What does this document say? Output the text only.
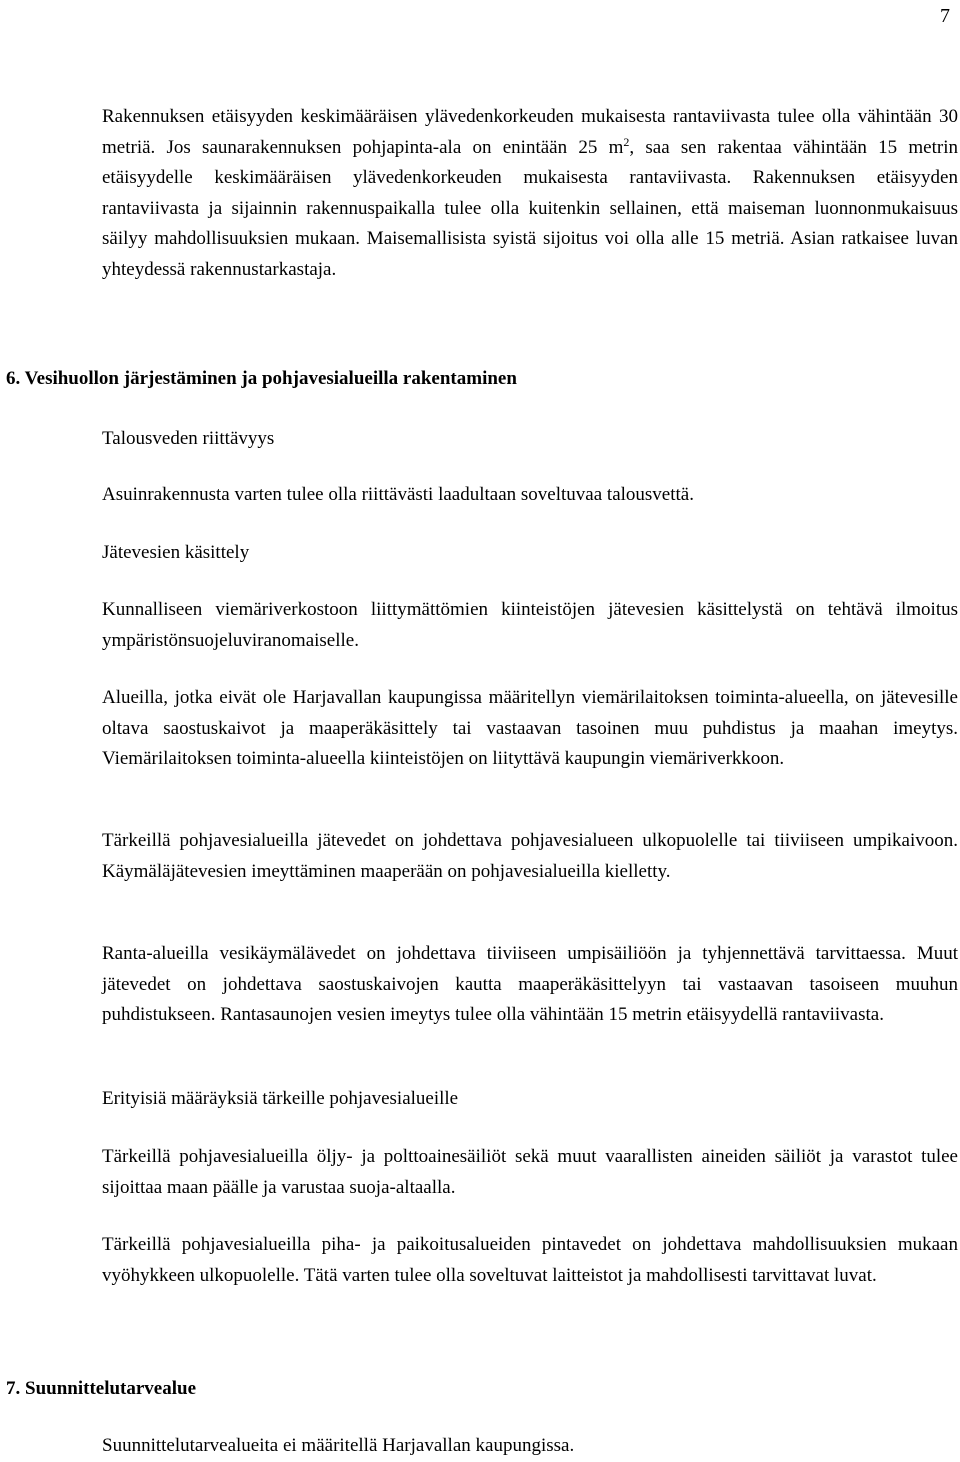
7

Rakennuksen etäisyyden keskimääräisen ylävedenkorkeuden mukaisesta rantaviivasta tulee olla vähintään 30 metriä. Jos saunarakennuksen pohjapinta-ala on enintään 25 $m^2$, saa sen rakentaa vähintään 15 metrin etäisyydelle keskimääräisen ylävedenkorkeuden mukaisesta rantaviivasta. Rakennuksen etäisyyden rantaviivasta ja sijainnin rakennuspaikalla tulee olla kuitenkin sellainen, että maiseman luonnonmukaisuus säilyy mahdollisuuksien mukaan. Maisemallisista syistä sijoitus voi olla alle 15 metriä. Asian ratkaisee luvan yhteydessä rakennustarkastaja.

6. Vesihuollon järjestäminen ja pohjavesialueilla rakentaminen

Talousveden riittävyys

Asuinrakennusta varten tulee olla riittävästi laadultaan soveltuvaa talousvettä.

Jätevesien käsittely

Kunnalliseen viemäriverkostoon liittymättömien kiinteistöjen jätevesien käsittelystä on tehtävä ilmoitus ympäristönsuojeluviranomaiselle.

Alueilla, jotka eivät ole Harjavallan kaupungissa määritellyn viemärilaitoksen toiminta-alueella, on jätevesille oltava saostuskaivot ja maaperäkäsittely tai vastaavan tasoinen muu puhdistus ja maahan imeytys. Viemärilaitoksen toiminta-alueella kiinteistöjen on liityttävä kaupungin viemäriverkkoon.

Tärkeillä pohjavesialueilla jätevedet on johdettava pohjavesialueen ulkopuolelle tai tiiviiseen umpikaivoon. Käymäläjätevesien imeyttäminen maaperään on pohjavesialueilla kielletty.

Ranta-alueilla vesikäymälävedet on johdettava tiiviiseen umpisäiliöön ja tyhjennettävä tarvittaessa. Muut jätevedet on johdettava saostuskaivojen kautta maaperäkäsittelyyn tai vastaavan tasoiseen muuhun puhdistukseen. Rantasaunojen vesien imeytys tulee olla vähintään 15 metrin etäisyydellä rantaviivasta.

Erityisiä määräyksiä tärkeille pohjavesialueille

Tärkeillä pohjavesialueilla öljy- ja polttoainesäiliöt sekä muut vaarallisten aineiden säiliöt ja varastot tulee sijoittaa maan päälle ja varustaa suoja-altaalla.

Tärkeillä pohjavesialueilla piha- ja paikoitusalueiden pintavedet on johdettava mahdollisuuksien mukaan vyöhykkeen ulkopuolelle. Tätä varten tulee olla soveltuvat laitteistot ja mahdollisesti tarvittavat luvat.

7. Suunnittelutarvealue

Suunnittelutarvealueita ei määritellä Harjavallan kaupungissa.
